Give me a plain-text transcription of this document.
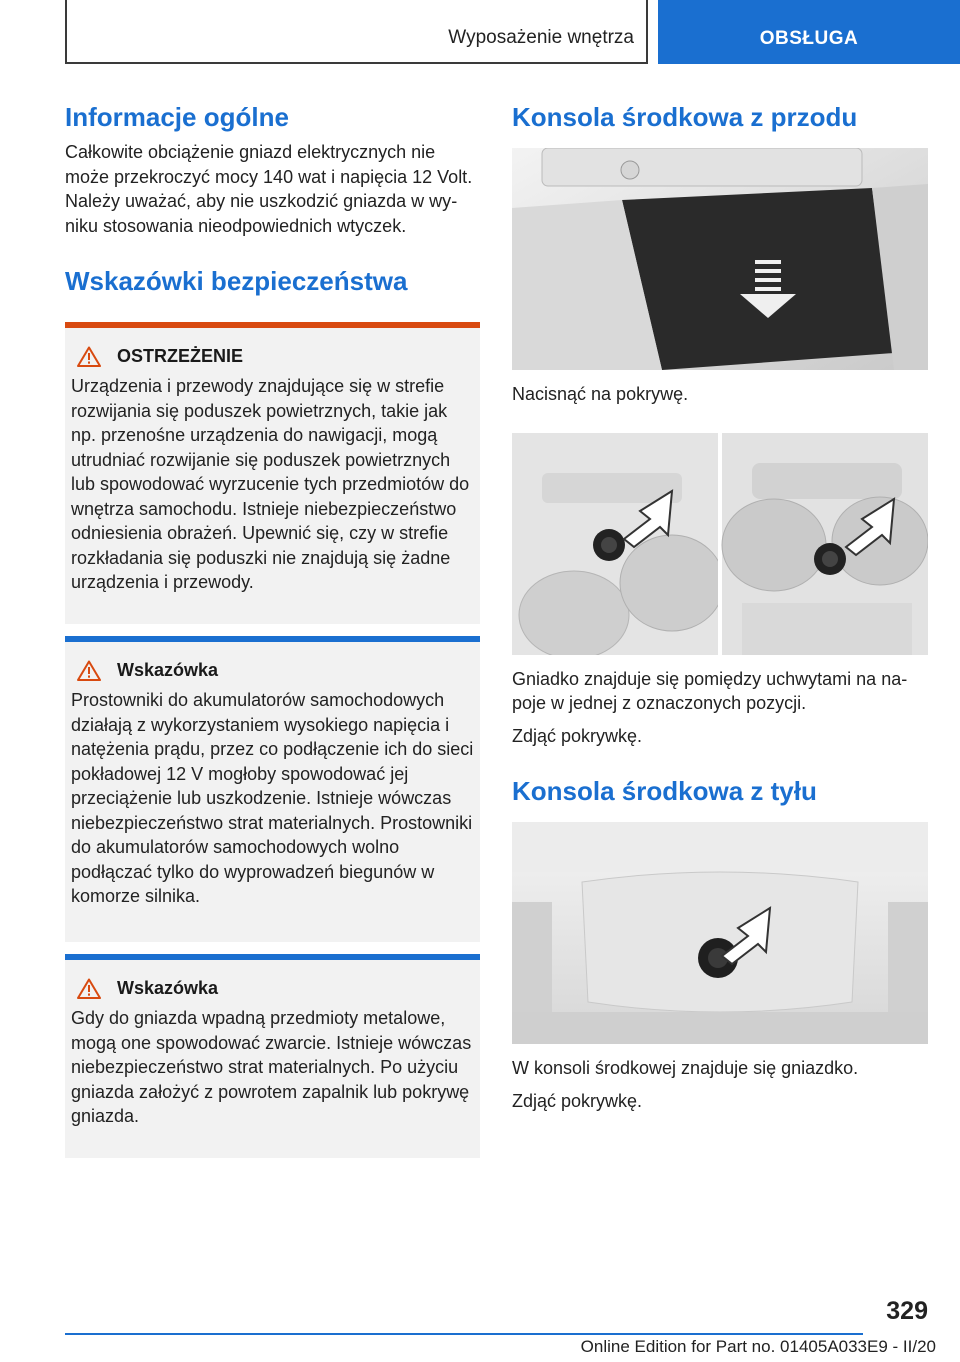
Wyposażenie wnętrza	OBSŁUGA
Informacje ogólne

Całkowite obciążenie gniazd elektrycznych nie może przekroczyć mocy 140 wat i napięcia 12 Volt.

Należy uważać, aby nie uszkodzić gniazda w wyniku stosowania nieodpowiednich wtyczek.

Wskazówki bezpieczeństwa
OSTRZEŻENIE

Urządzenia i przewody znajdujące się w strefie rozwijania się poduszek powietrznych, takie jak np. przenośne urządzenia do nawigacji, mogą utrudniać rozwijanie się poduszek powietrznych lub spowodować wyrzucenie tych przedmiotów do wnętrza samochodu. Istnieje niebezpieczeństwo odniesienia obrażeń. Upewnić się, czy w strefie rozkładania się poduszki nie znajdują się żadne urządzenia i przewody.

Wskazówka

Prostowniki do akumulatorów samochodowych działają z wykorzystaniem wysokiego napięcia i natężenia prądu, przez co podłączenie ich do sieci pokładowej 12 V mogłoby spowodować jej przeciążenie lub uszkodzenie. Istnieje wówczas niebezpieczeństwo strat materialnych. Prostowniki do akumulatorów samochodowych wolno podłączać tylko do wyprowadzeń biegunów w komorze silnika.

Wskazówka

Gdy do gniazda wpadną przedmioty metalowe, mogą one spowodować zwarcie. Istnieje wówczas niebezpieczeństwo strat materialnych. Po użyciu gniazda założyć z powrotem zapalnik lub pokrywę gniazda.

Konsola środkowa z przodu

Nacisnąć na pokrywę.

Gniadko znajduje się pomiędzy uchwytami na napoje w jednej z oznaczonych pozycji.

Zdjąć pokrywkę.

Konsola środkowa z tyłu

W konsoli środkowej znajduje się gniazdko.

Zdjąć pokrywkę.

329
Online Edition for Part no. 01405A033E9 - II/20
